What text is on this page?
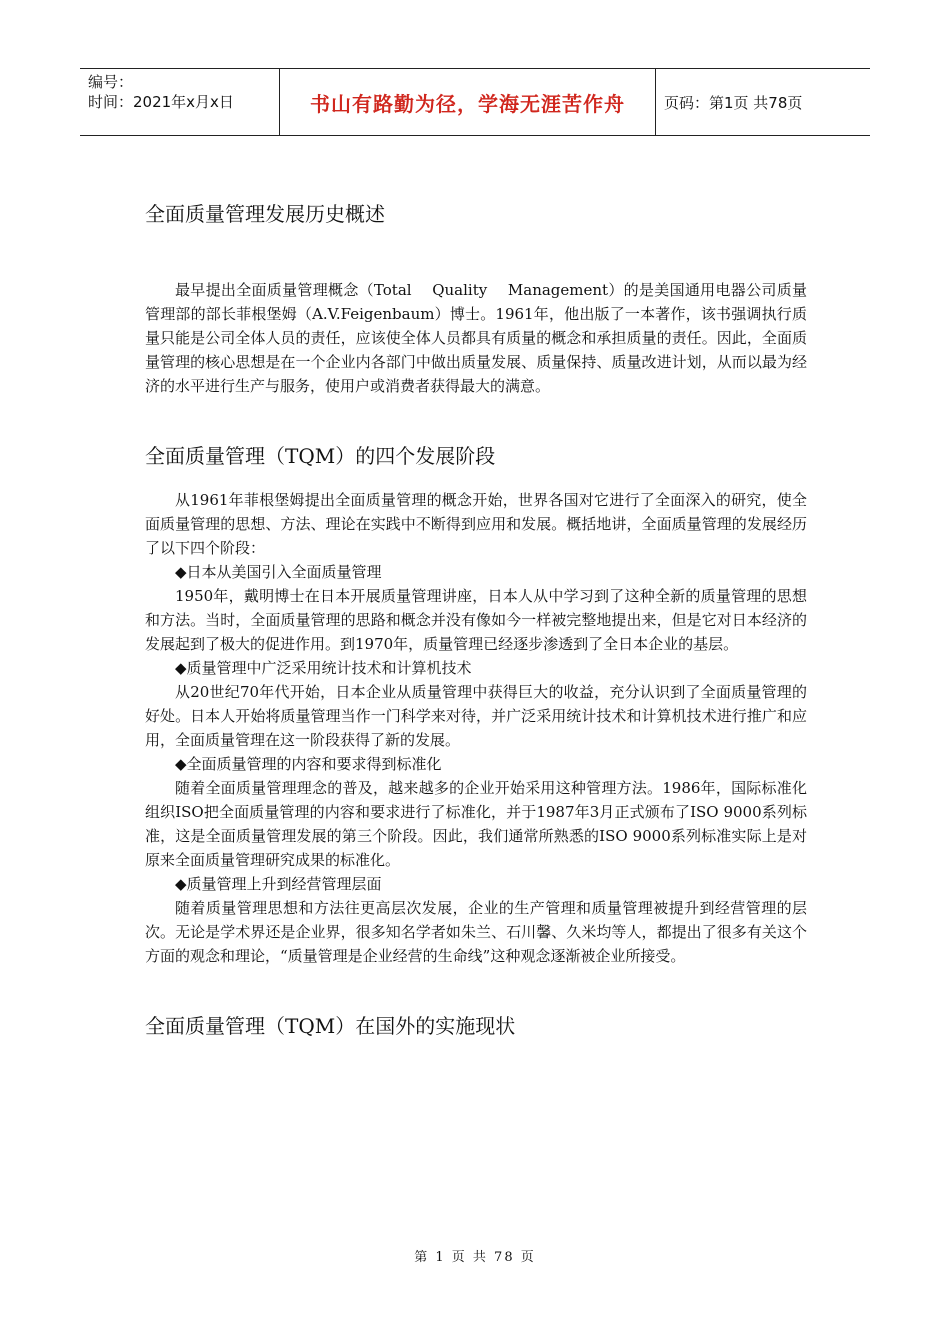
编号：
时间：2021年x月x日	书山有路勤为径，学海无涯苦作舟	页码：第1页 共78页
全面质量管理发展历史概述

最早提出全面质量管理概念（Total　 Quality　 Management）的是美国通用电器公司质量管理部的部长菲根堡姆（A.V.Feigenbaum）博士。1961年，他出版了一本著作，该书强调执行质量只能是公司全体人员的责任，应该使全体人员都具有质量的概念和承担质量的责任。因此，全面质量管理的核心思想是在一个企业内各部门中做出质量发展、质量保持、质量改进计划，从而以最为经济的水平进行生产与服务，使用户或消费者获得最大的满意。

全面质量管理（TQM）的四个发展阶段

从1961年菲根堡姆提出全面质量管理的概念开始，世界各国对它进行了全面深入的研究，使全面质量管理的思想、方法、理论在实践中不断得到应用和发展。概括地讲，全面质量管理的发展经历了以下四个阶段：

◆日本从美国引入全面质量管理

1950年，戴明博士在日本开展质量管理讲座，日本人从中学习到了这种全新的质量管理的思想和方法。当时，全面质量管理的思路和概念并没有像如今一样被完整地提出来，但是它对日本经济的发展起到了极大的促进作用。到1970年，质量管理已经逐步渗透到了全日本企业的基层。

◆质量管理中广泛采用统计技术和计算机技术

从20世纪70年代开始，日本企业从质量管理中获得巨大的收益，充分认识到了全面质量管理的好处。日本人开始将质量管理当作一门科学来对待，并广泛采用统计技术和计算机技术进行推广和应用，全面质量管理在这一阶段获得了新的发展。

◆全面质量管理的内容和要求得到标准化

随着全面质量管理理念的普及，越来越多的企业开始采用这种管理方法。1986年，国际标准化组织ISO把全面质量管理的内容和要求进行了标准化，并于1987年3月正式颁布了ISO 9000系列标准，这是全面质量管理发展的第三个阶段。因此，我们通常所熟悉的ISO 9000系列标准实际上是对原来全面质量管理研究成果的标准化。

◆质量管理上升到经营管理层面

随着质量管理思想和方法往更高层次发展，企业的生产管理和质量管理被提升到经营管理的层次。无论是学术界还是企业界，很多知名学者如朱兰、石川馨、久米均等人，都提出了很多有关这个方面的观念和理论，“质量管理是企业经营的生命线”这种观念逐渐被企业所接受。

全面质量管理（TQM）在国外的实施现状
第 1 页 共 78 页
